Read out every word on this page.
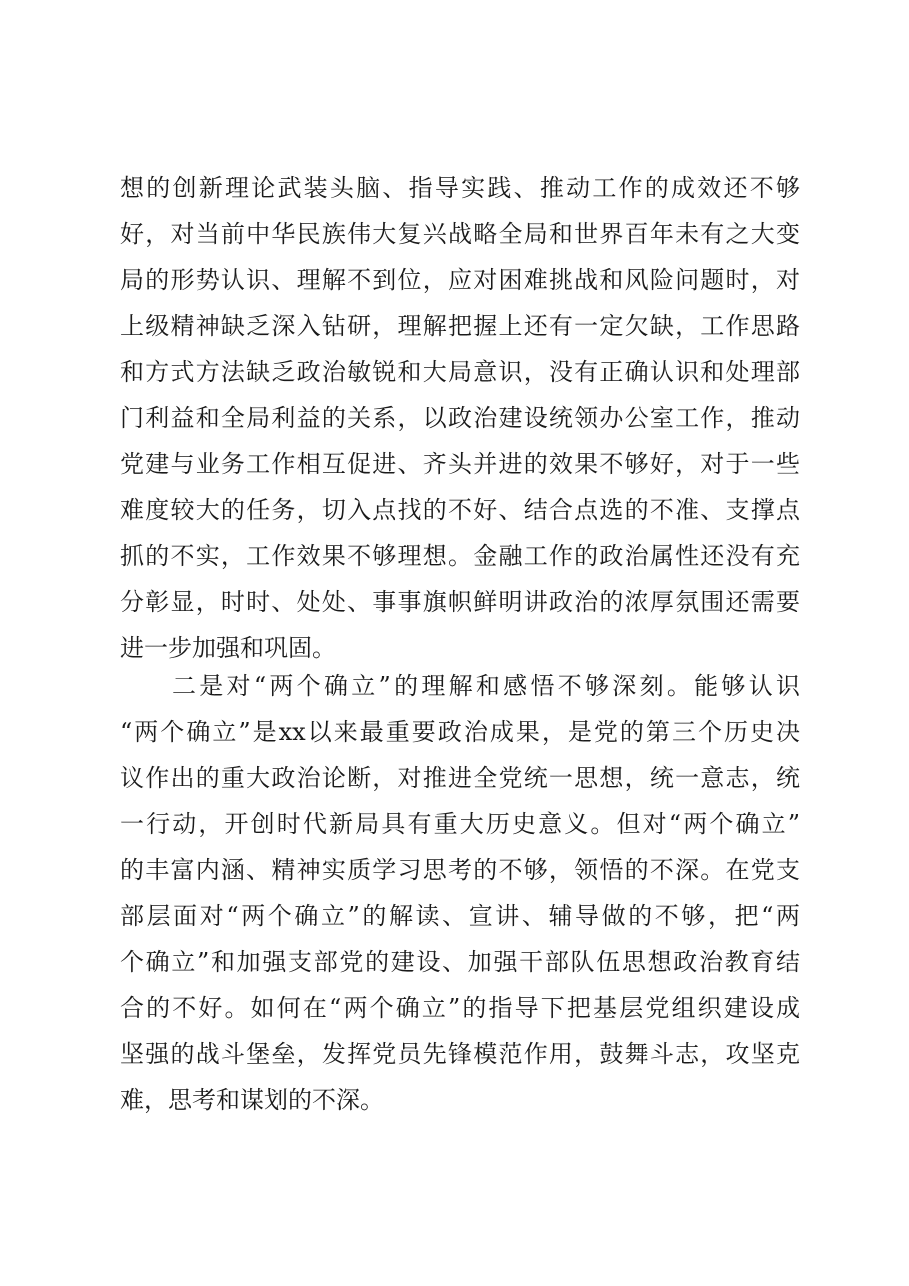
想的创新理论武装头脑、指导实践、推动工作的成效还不够
好，对当前中华民族伟大复兴战略全局和世界百年未有之大变
局的形势认识、理解不到位，应对困难挑战和风险问题时，对
上级精神缺乏深入钻研，理解把握上还有一定欠缺，工作思路
和方式方法缺乏政治敏锐和大局意识，没有正确认识和处理部
门利益和全局利益的关系，以政治建设统领办公室工作，推动
党建与业务工作相互促进、齐头并进的效果不够好，对于一些
难度较大的任务，切入点找的不好、结合点选的不准、支撑点
抓的不实，工作效果不够理想。金融工作的政治属性还没有充
分彰显，时时、处处、事事旗帜鲜明讲政治的浓厚氛围还需要
进一步加强和巩固。
二是对“两个确立”的理解和感悟不够深刻。能够认识
“两个确立”是xx以来最重要政治成果，是党的第三个历史决
议作出的重大政治论断，对推进全党统一思想，统一意志，统
一行动，开创时代新局具有重大历史意义。但对“两个确立”
的丰富内涵、精神实质学习思考的不够，领悟的不深。在党支
部层面对“两个确立”的解读、宣讲、辅导做的不够，把“两
个确立”和加强支部党的建设、加强干部队伍思想政治教育结
合的不好。如何在“两个确立”的指导下把基层党组织建设成
坚强的战斗堡垒，发挥党员先锋模范作用，鼓舞斗志，攻坚克
难，思考和谋划的不深。
